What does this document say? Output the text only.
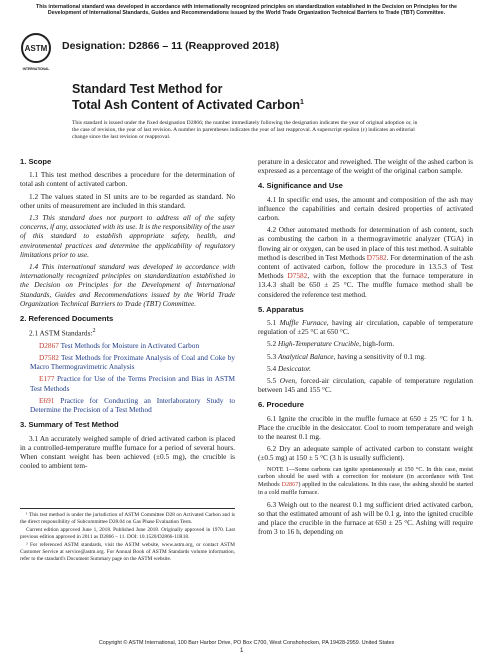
This international standard was developed in accordance with internationally recognized principles on standardization established in the Decision on Principles for the Development of International Standards, Guides and Recommendations issued by the World Trade Organization Technical Barriers to Trade (TBT) Committee.
ASTM
INTERNATIONAL
Designation: D2866 – 11 (Reapproved 2018)
Standard Test Method for
Total Ash Content of Activated Carbon$^1$
This standard is issued under the fixed designation D2866; the number immediately following the designation indicates the year of original adoption or, in the case of revision, the year of last revision. A number in parentheses indicates the year of last reapproval. A superscript epsilon (ε) indicates an editorial change since the last revision or reapproval.
1. Scope

1.1 This test method describes a procedure for the determination of total ash content of activated carbon.

1.2 The values stated in SI units are to be regarded as standard. No other units of measurement are included in this standard.

1.3 This standard does not purport to address all of the safety concerns, if any, associated with its use. It is the responsibility of the user of this standard to establish appropriate safety, health, and environmental practices and determine the applicability of regulatory limitations prior to use.

1.4 This international standard was developed in accordance with internationally recognized principles on standardization established in the Decision on Principles for the Development of International Standards, Guides and Recommendations issued by the World Trade Organization Technical Barriers to Trade (TBT) Committee.

2. Referenced Documents

2.1 ASTM Standards:$^2$

D2867 Test Methods for Moisture in Activated Carbon

D7582 Test Methods for Proximate Analysis of Coal and Coke by Macro Thermogravimetric Analysis

E177 Practice for Use of the Terms Precision and Bias in ASTM Test Methods

E691 Practice for Conducting an Interlaboratory Study to Determine the Precision of a Test Method

3. Summary of Test Method

3.1 An accurately weighed sample of dried activated carbon is placed in a controlled-temperature muffle furnace for a period of several hours. When constant weight has been achieved (±0.5 mg), the crucible is cooled to ambient tem-

¹ This test method is under the jurisdiction of ASTM Committee D28 on Activated Carbon and is the direct responsibility of Subcommittee D28.04 on Gas Phase Evaluation Tests.

Current edition approved June 1, 2018. Published June 2018. Originally approved in 1970. Last previous edition approved in 2011 as D2866 – 11. DOI: 10.1520/D2866-11R18.

² For referenced ASTM standards, visit the ASTM website, www.astm.org, or contact ASTM Customer Service at service@astm.org. For Annual Book of ASTM Standards volume information, refer to the standard's Document Summary page on the ASTM website.

perature in a desiccator and reweighed. The weight of the ashed carbon is expressed as a percentage of the weight of the original carbon sample.

4. Significance and Use

4.1 In specific end uses, the amount and composition of the ash may influence the capabilities and certain desired properties of activated carbon.

4.2 Other automated methods for determination of ash content, such as combusting the carbon in a thermogravimetric analyzer (TGA) in flowing air or oxygen, can be used in place of this test method. A suitable method is described in Test Methods D7582. For determination of the ash content of activated carbon, follow the procedure in 13.5.3 of Test Methods D7582, with the exception that the furnace temperature in 13.4.3 shall be 650 ± 25 °C. The muffle furnace method shall be considered the reference test method.

5. Apparatus

5.1 Muffle Furnace, having air circulation, capable of temperature regulation of ±25 °C at 650 °C.

5.2 High-Temperature Crucible, high-form.

5.3 Analytical Balance, having a sensitivity of 0.1 mg.

5.4 Desiccator.

5.5 Oven, forced-air circulation, capable of temperature regulation between 145 and 155 °C.

6. Procedure

6.1 Ignite the crucible in the muffle furnace at 650 ± 25 °C for 1 h. Place the crucible in the desiccator. Cool to room temperature and weigh to the nearest 0.1 mg.

6.2 Dry an adequate sample of activated carbon to constant weight (±0.5 mg) at 150 ± 5 °C (3 h is usually sufficient).

NOTE 1—Some carbons can ignite spontaneously at 150 °C. In this case, moist carbon should be used with a correction for moisture (in accordance with Test Methods D2867) applied in the calculations. In this case, the ashing should be started in a cold muffle furnace.

6.3 Weigh out to the nearest 0.1 mg sufficient dried activated carbon, so that the estimated amount of ash will be 0.1 g, into the ignited crucible and place the crucible in the furnace at 650 ± 25 °C. Ashing will require from 3 to 16 h, depending on

Copyright © ASTM International, 100 Barr Harbor Drive, PO Box C700, West Conshohocken, PA 19428-2959. United States
1
